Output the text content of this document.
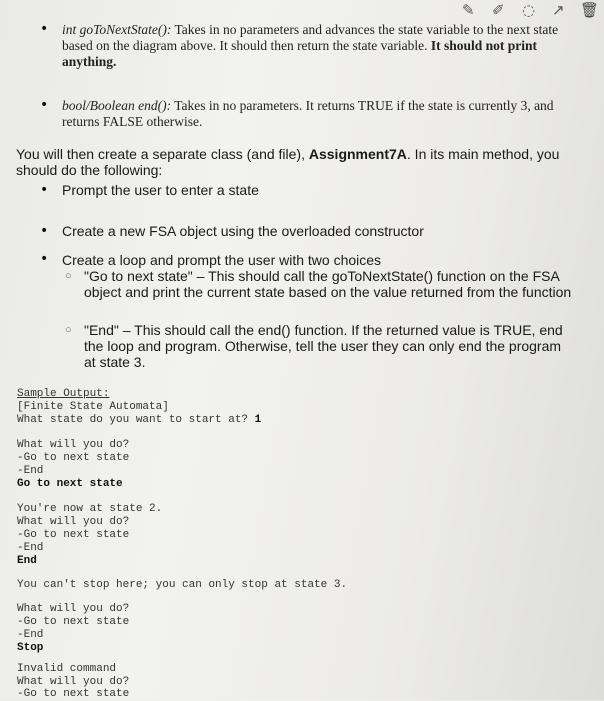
✎ ✐ ◌ ↗ 🗑
• int goToNextState(): Takes in no parameters and advances the state variable to the next state based on the diagram above. It should then return the state variable. It should not print anything.
• bool/Boolean end(): Takes in no parameters. It returns TRUE if the state is currently 3, and returns FALSE otherwise.
You will then create a separate class (and file), Assignment7A. In its main method, you should do the following:
• Prompt the user to enter a state
• Create a new FSA object using the overloaded constructor
• Create a loop and prompt the user with two choices
○ "Go to next state" – This should call the goToNextState() function on the FSA object and print the current state based on the value returned from the function
○ "End" – This should call the end() function. If the returned value is TRUE, end the loop and program. Otherwise, tell the user they can only end the program at state 3.
Sample Output:
[Finite State Automata]
What state do you want to start at? 1
What will you do?
-Go to next state
-End
Go to next state
You're now at state 2.
What will you do?
-Go to next state
-End
End
You can't stop here; you can only stop at state 3.
What will you do?
-Go to next state
-End
Stop
Invalid command
What will you do?
-Go to next state
